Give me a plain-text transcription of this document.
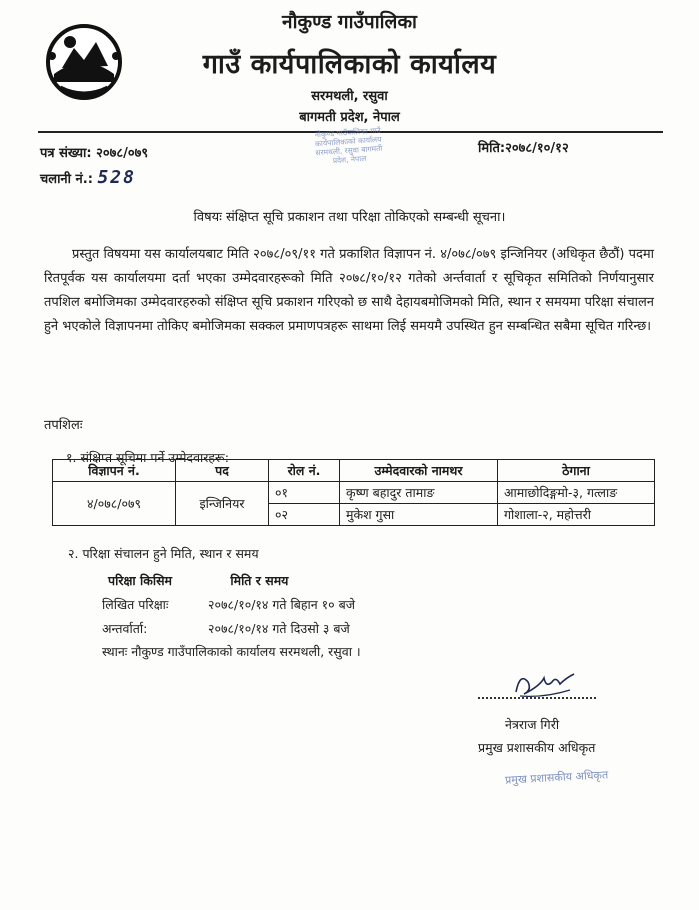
नौकुण्ड गाउँपालिका
गाउँ कार्यपालिकाको कार्यालय
सरमथली, रसुवा
बागमती प्रदेश, नेपाल
नौकुण्ड गाउँपालिका गाउँ कार्यपालिकाको कार्यालय सरमथली, रसुवा बागमती प्रदेश, नेपाल
पत्र संख्या: २०७८/०७९
चलानी नं.: 528
मिति:२०७८/१०/१२
विषयः संक्षिप्त सूचि प्रकाशन तथा परिक्षा तोकिएको सम्बन्धी सूचना।

प्रस्तुत विषयमा यस कार्यालयबाट मिति २०७८/०९/११ गते प्रकाशित विज्ञापन नं. ४/०७८/०७९ इन्जिनियर (अधिकृत छैठौं) पदमा रितपूर्वक यस कार्यालयमा दर्ता भएका उम्मेदवारहरूको मिति २०७८/१०/१२ गतेको अर्न्तवार्ता र सूचिकृत समितिको निर्णयानुसार तपशिल बमोजिमका उम्मेदवारहरुको संक्षिप्त सूचि प्रकाशन गरिएको छ साथै देहायबमोजिमको मिति, स्थान र समयमा परिक्षा संचालन हुने भएकोले विज्ञापनमा तोकिए बमोजिमका सक्कल प्रमाणपत्रहरू साथमा लिई समयमै उपस्थित हुन सम्बन्धित सबैमा सूचित गरिन्छ।

तपशिलः
१. संक्षिप्त सूचिमा पर्ने उम्मेदवारहरू:
विज्ञापन नं.	पद	रोल नं.	उम्मेदवारको नामथर	ठेगाना
४/०७८/०७९	इन्जिनियर	०१	कृष्ण बहादुर तामाङ	आमाछोदिङ्गमो-३, गत्लाङ
		०२	मुकेश गुसा	गोशाला-२, महोत्तरी
२. परिक्षा संचालन हुने मिति, स्थान र समय
परिक्षा किसिम	मिति र समय
लिखित परिक्षाः	२०७८/१०/१४ गते बिहान १० बजे
अन्तर्वार्ता:	२०७८/१०/१४ गते दिउसो ३ बजे
स्थानः नौकुण्ड गाउँपालिकाको कार्यालय सरमथली, रसुवा ।
नेत्रराज गिरी
प्रमुख प्रशासकीय अधिकृत
प्रमुख प्रशासकीय अधिकृत
